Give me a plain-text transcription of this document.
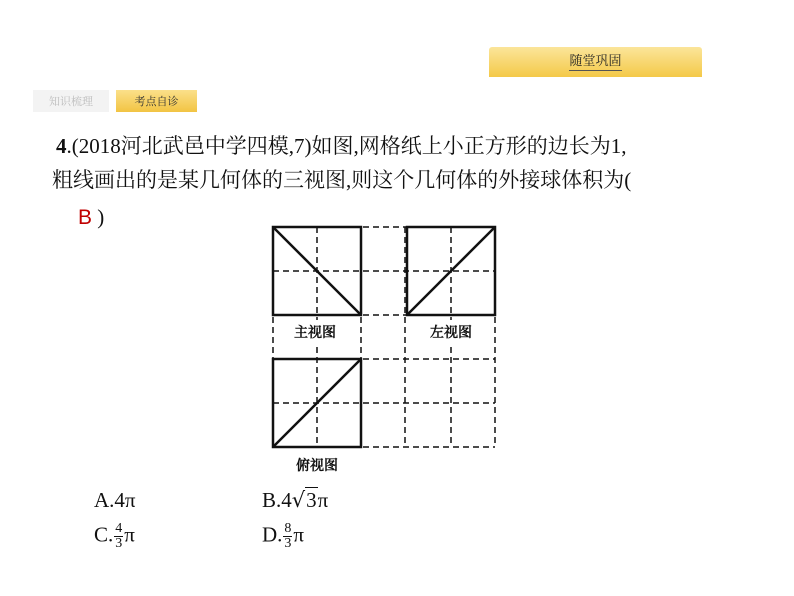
随堂巩固
知识梳理	考点自诊
4.(2018河北武邑中学四模,7)如图,网格纸上小正方形的边长为1,
粗线画出的是某几何体的三视图,则这个几何体的外接球体积为(
B )
主视图	左视图
俯视图
A.4π	B.4√3π
C. $\frac{4}{3}$ π	D. $\frac{8}{3}$ π
